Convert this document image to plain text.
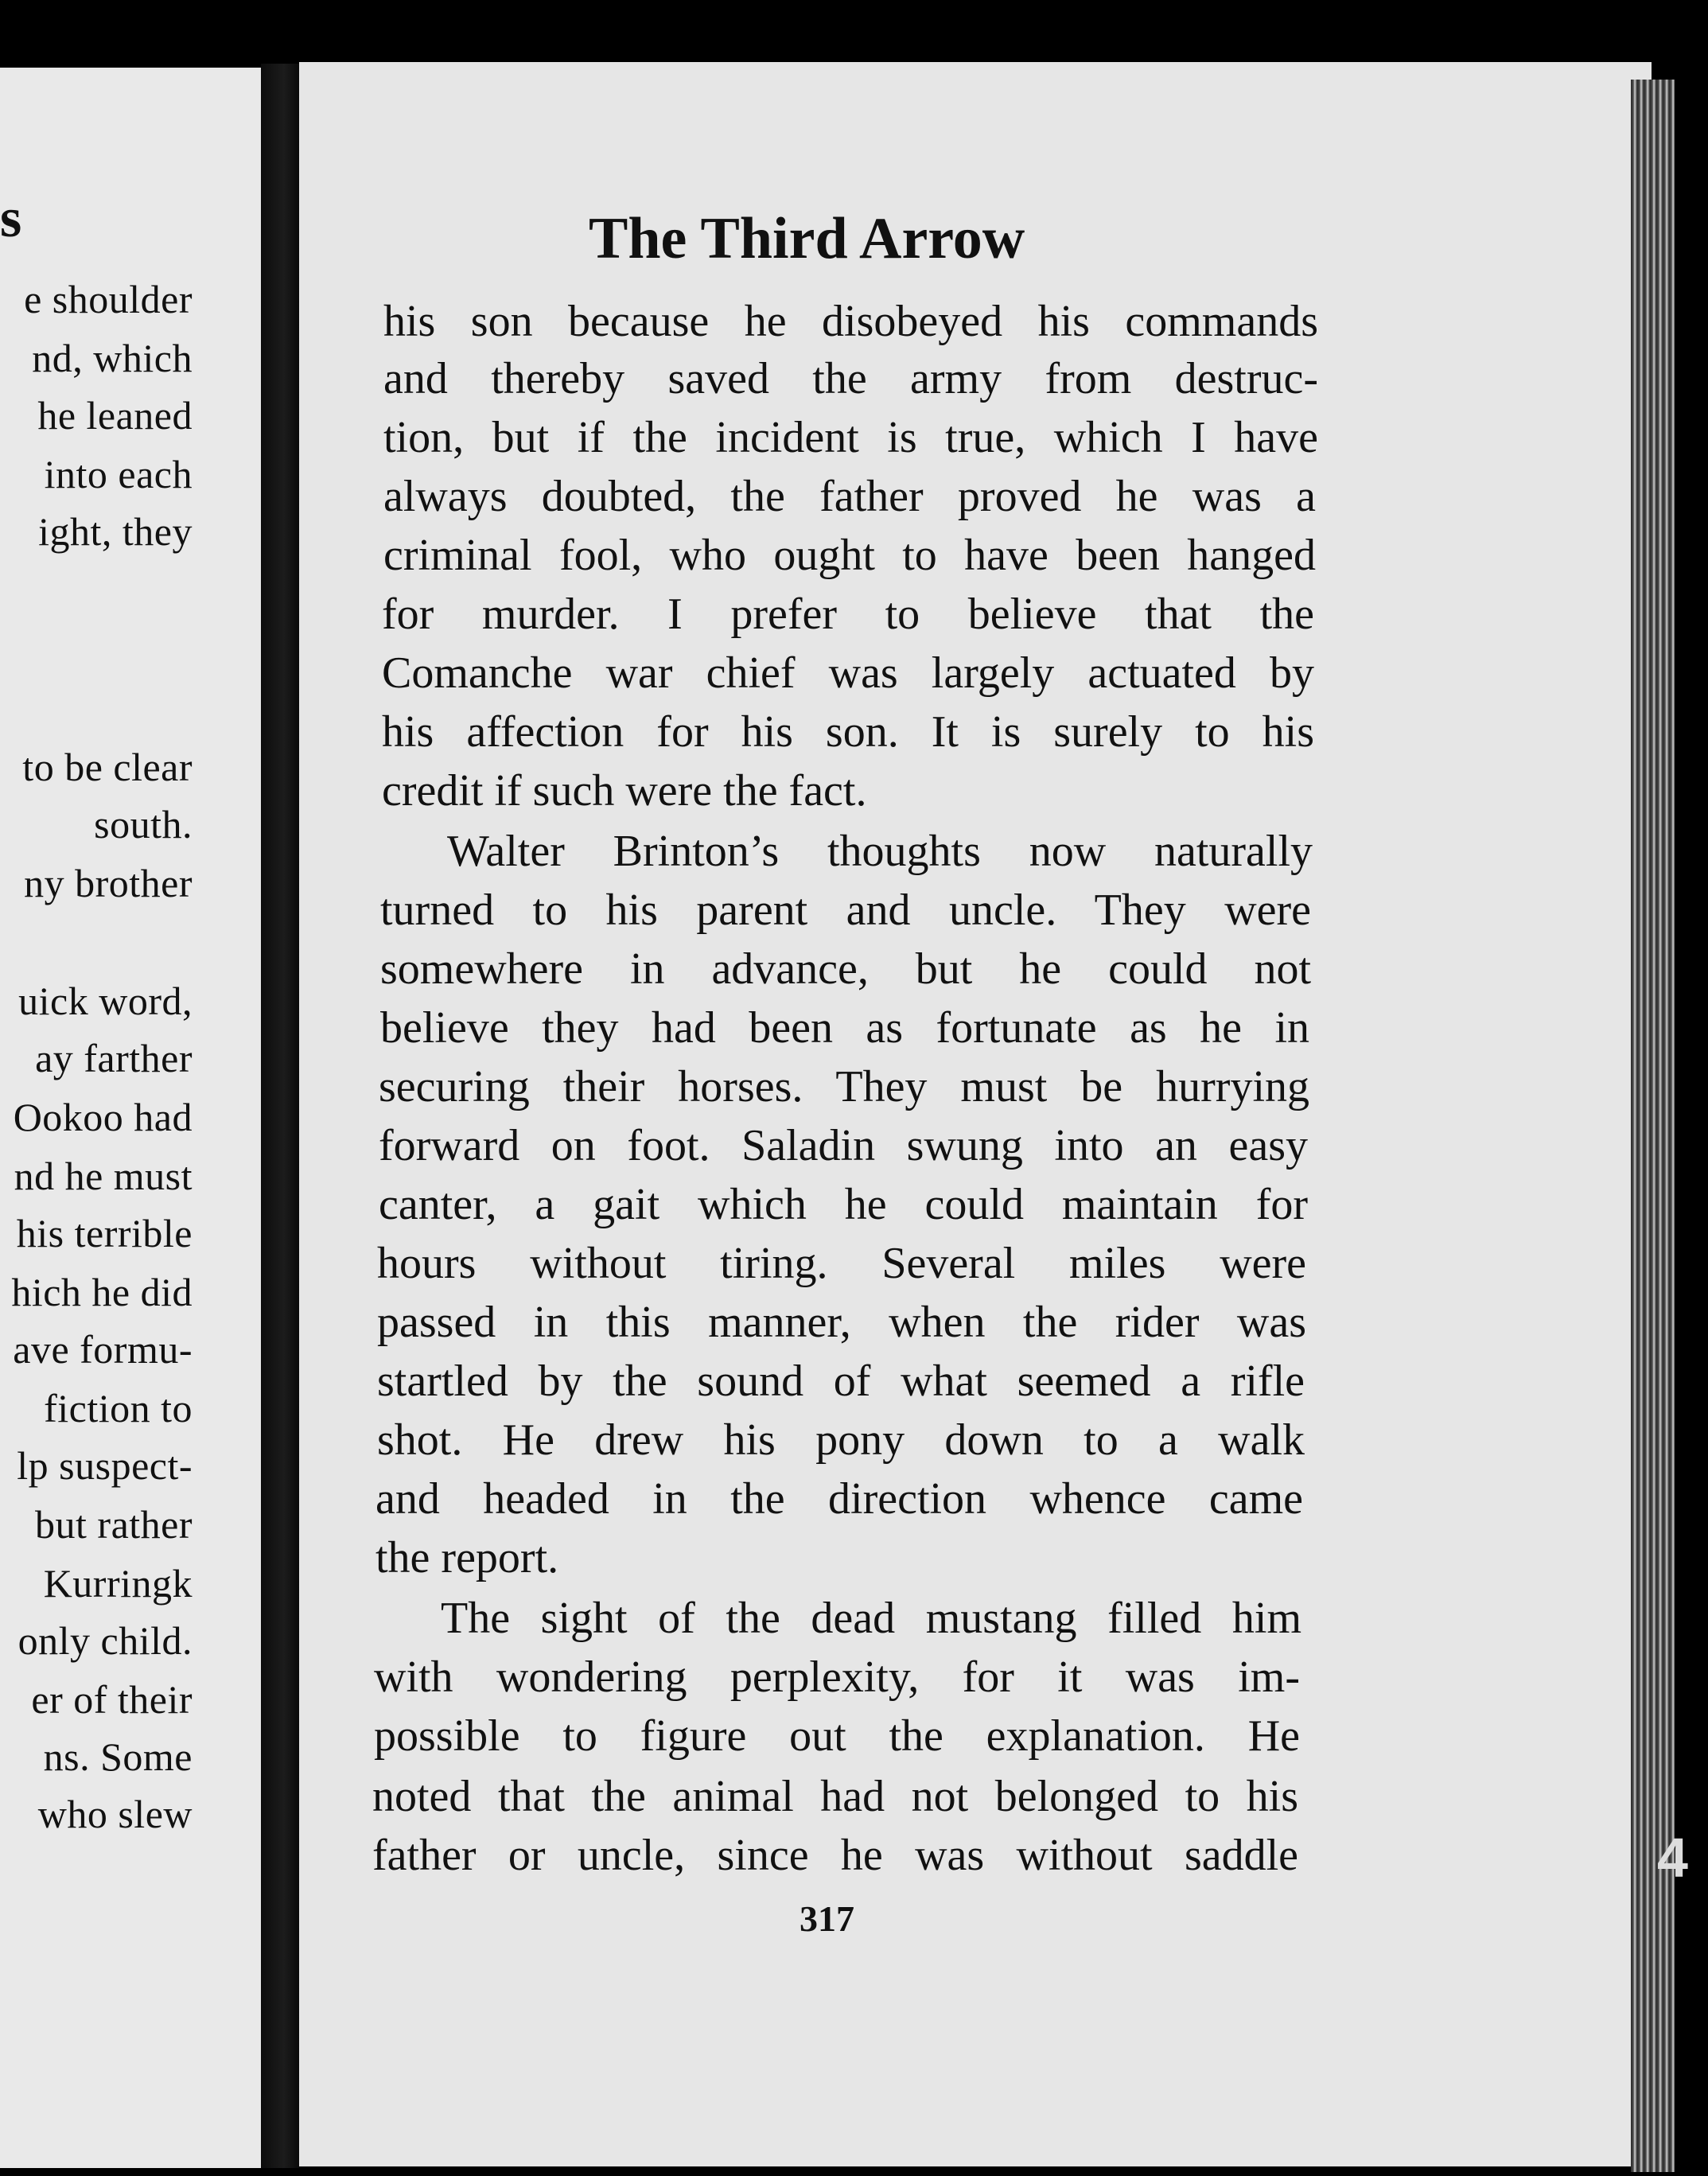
s
e shoulder
nd, which
he leaned
into each
ight, they
to be clear
south.
ny brother
uick word,
ay farther
Ookoo had
nd he must
his terrible
hich he did
ave formu-
fiction to
lp suspect-
but rather
Kurringk
only child.
er of their
ns. Some
who slew
The Third Arrow
his son because he disobeyed his commands
and thereby saved the army from destruc-
tion, but if the incident is true, which I have
always doubted, the father proved he was a
criminal fool, who ought to have been hanged
for murder. I prefer to believe that the
Comanche war chief was largely actuated by
his affection for his son. It is surely to his
credit if such were the fact.
Walter Brinton’s thoughts now naturally
turned to his parent and uncle. They were
somewhere in advance, but he could not
believe they had been as fortunate as he in
securing their horses. They must be hurrying
forward on foot. Saladin swung into an easy
canter, a gait which he could maintain for
hours without tiring. Several miles were
passed in this manner, when the rider was
startled by the sound of what seemed a rifle
shot. He drew his pony down to a walk
and headed in the direction whence came
the report.
The sight of the dead mustang filled him
with wondering perplexity, for it was im-
possible to figure out the explanation. He
noted that the animal had not belonged to his
father or uncle, since he was without saddle
317
4
